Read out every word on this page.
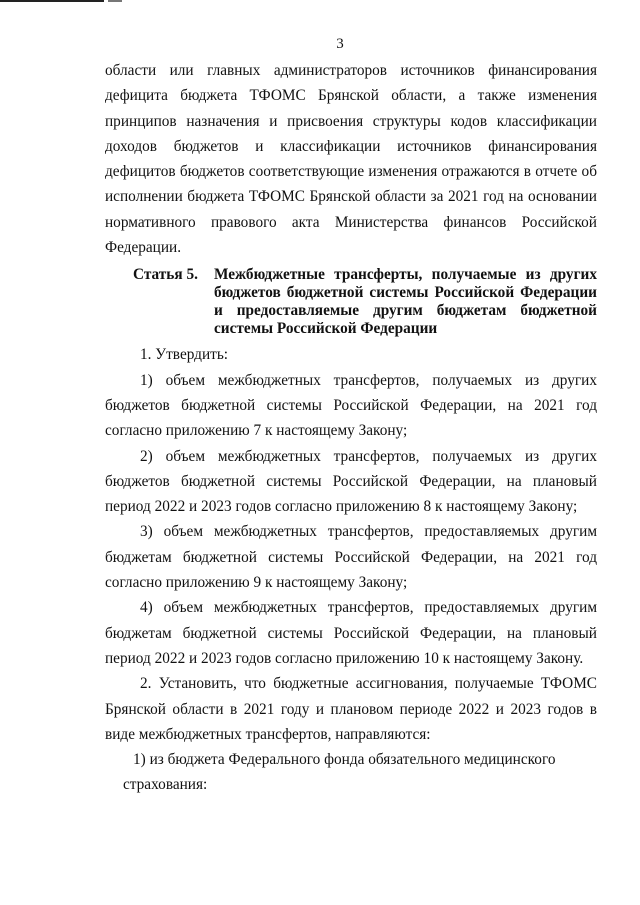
3

области или главных администраторов источников финансирования дефицита бюджета ТФОМС Брянской области, а также изменения принципов назначения и присвоения структуры кодов классификации доходов бюджетов и классификации источников финансирования дефицитов бюджетов соответствующие изменения отражаются в отчете об исполнении бюджета ТФОМС Брянской области за 2021 год на основании нормативного правового акта Министерства финансов Российской Федерации.

Статья 5.	Межбюджетные трансферты, получаемые из других бюджетов бюджетной системы Российской Федерации и предоставляемые другим бюджетам бюджетной системы Российской Федерации

1. Утвердить:

1) объем межбюджетных трансфертов, получаемых из других бюджетов бюджетной системы Российской Федерации, на 2021 год согласно приложению 7 к настоящему Закону;

2) объем межбюджетных трансфертов, получаемых из других бюджетов бюджетной системы Российской Федерации, на плановый период 2022 и 2023 годов согласно приложению 8 к настоящему Закону;

3) объем межбюджетных трансфертов, предоставляемых другим бюджетам бюджетной системы Российской Федерации, на 2021 год согласно приложению 9 к настоящему Закону;

4) объем межбюджетных трансфертов, предоставляемых другим бюджетам бюджетной системы Российской Федерации, на плановый период 2022 и 2023 годов согласно приложению 10 к настоящему Закону.

2. Установить, что бюджетные ассигнования, получаемые ТФОМС Брянской области в 2021 году и плановом периоде 2022 и 2023 годов в виде межбюджетных трансфертов, направляются:

1) из бюджета Федерального фонда обязательного медицинского
страхования:
